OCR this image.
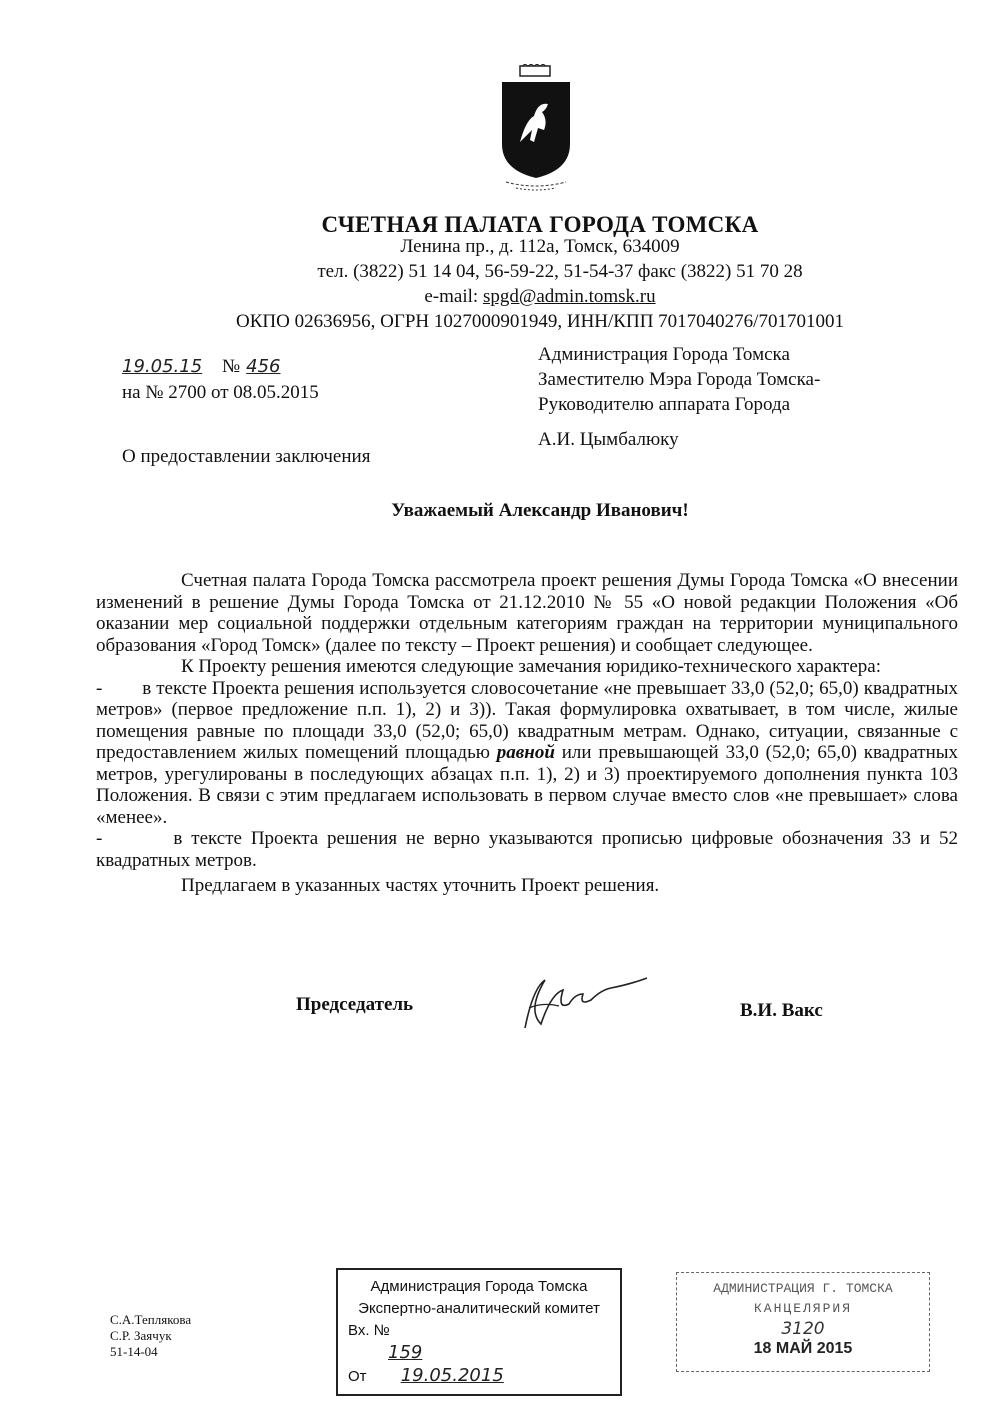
СЧЕТНАЯ ПАЛАТА ГОРОДА ТОМСКА
Ленина пр., д. 112а, Томск, 634009
тел. (3822) 51 14 04, 56-59-22, 51-54-37 факс (3822) 51 70 28
e-mail: spgd@admin.tomsk.ru
ОКПО 02636956, ОГРН 1027000901949, ИНН/КПП 7017040276/701701001
19.05.15 № 456
на № 2700 от 08.05.2015
Администрация Города Томска
Заместителю Мэра Города Томска-
Руководителю аппарата Города
А.И. Цымбалюку
О предоставлении заключения
Уважаемый Александр Иванович!

Счетная палата Города Томска рассмотрела проект решения Думы Города Томска «О внесении изменений в решение Думы Города Томска от 21.12.2010 № 55 «О новой редакции Положения «Об оказании мер социальной поддержки отдельным категориям граждан на территории муниципального образования «Город Томск» (далее по тексту – Проект решения) и сообщает следующее.

К Проекту решения имеются следующие замечания юридико-технического характера:

-        в тексте Проекта решения используется словосочетание «не превышает 33,0 (52,0; 65,0) квадратных метров» (первое предложение п.п. 1), 2) и 3)). Такая формулировка охватывает, в том числе, жилые помещения равные по площади 33,0 (52,0; 65,0) квадратным метрам. Однако, ситуации, связанные с предоставлением жилых помещений площадью равной или превышающей 33,0 (52,0; 65,0) квадратных метров, урегулированы в последующих абзацах п.п. 1), 2) и 3) проектируемого дополнения пункта 103 Положения. В связи с этим предлагаем использовать в первом случае вместо слов «не превышает» слова «менее».

-        в тексте Проекта решения не верно указываются прописью цифровые обозначения 33 и 52 квадратных метров.

Предлагаем в указанных частях уточнить Проект решения.

Председатель	В.И. Вакс
С.А.Теплякова
С.Р. Заячук
51-14-04
Администрация Города Томска
Экспертно-аналитический комитет
Вх. № 159
От 19.05.2015
АДМИНИСТРАЦИЯ Г. ТОМСКА
КАНЦЕЛЯРИЯ
3120
18 МАЙ 2015
